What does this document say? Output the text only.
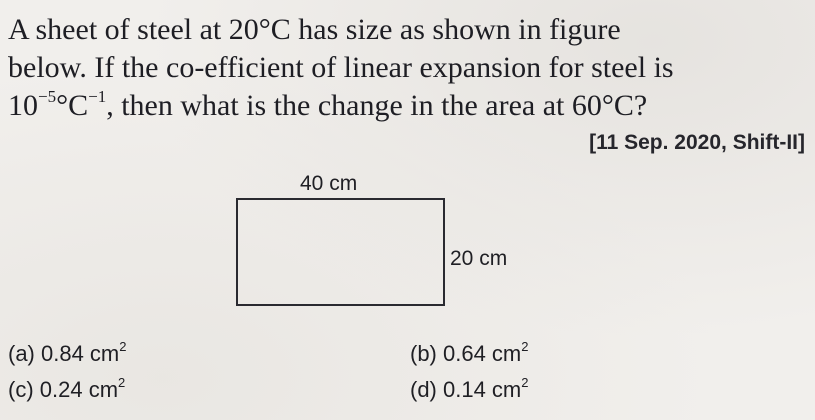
A sheet of steel at 20°C has size as shown in figure
below. If the co-efficient of linear expansion for steel is
$10^{-5}^\circ C^{-1}$, then what is the change in the area at 60°C?
[11 Sep. 2020, Shift-II]
40 cm
20 cm
(a) 0.84 $cm^2$	(b) 0.64 $cm^2$
(c) 0.24 $cm^2$	(d) 0.14 $cm^2$
